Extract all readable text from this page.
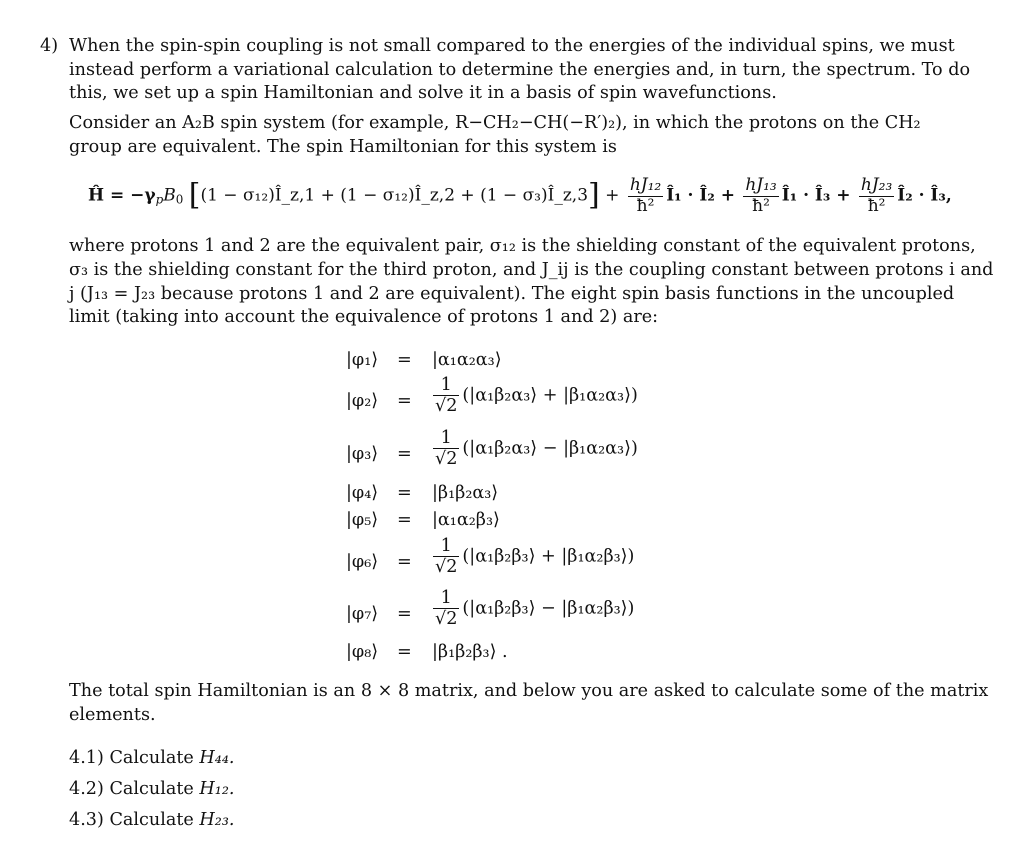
4) When the spin-spin coupling is not small compared to the energies of the individual spins, we must
instead perform a variational calculation to determine the energies and, in turn, the spectrum. To do
this, we set up a spin Hamiltonian and solve it in a basis of spin wavefunctions.
Consider an A₂B spin system (for example, R−CH₂−CH(−R′)₂), in which the protons on the CH₂
group are equivalent. The spin Hamiltonian for this system is
Ĥ = $-\gamma_pB_0$ [(1 − σ₁₂)Î_z,1 + (1 − σ₁₂)Î_z,2 + (1 − σ₃)Î_z,3] + $\frac{\text{hJ₁₂}}{\text{ħ²}}$ Î₁ · Î₂ + $\frac{\text{hJ₁₃}}{\text{ħ²}}$ Î₁ · Î₃ + $\frac{\text{hJ₂₃}}{\text{ħ²}}$ Î₂ · Î₃,
where protons 1 and 2 are the equivalent pair, σ₁₂ is the shielding constant of the equivalent protons,
σ₃ is the shielding constant for the third proton, and J_ij is the coupling constant between protons i and
j (J₁₃ = J₂₃ because protons 1 and 2 are equivalent). The eight spin basis functions in the uncoupled
limit (taking into account the equivalence of protons 1 and 2) are:
|φ₁⟩ = |α₁α₂α₃⟩
|φ₂⟩ = $\frac{1}{√2}$ (|α₁β₂α₃⟩ + |β₁α₂α₃⟩)
|φ₃⟩ = $\frac{1}{√2}$ (|α₁β₂α₃⟩ − |β₁α₂α₃⟩)
|φ₄⟩ = |β₁β₂α₃⟩
|φ₅⟩ = |α₁α₂β₃⟩
|φ₆⟩ = $\frac{1}{√2}$ (|α₁β₂β₃⟩ + |β₁α₂β₃⟩)
|φ₇⟩ = $\frac{1}{√2}$ (|α₁β₂β₃⟩ − |β₁α₂β₃⟩)
|φ₈⟩ = |β₁β₂β₃⟩ .
The total spin Hamiltonian is an 8 × 8 matrix, and below you are asked to calculate some of the matrix
elements.
4.1) Calculate H₄₄.
4.2) Calculate H₁₂.
4.3) Calculate H₂₃.
